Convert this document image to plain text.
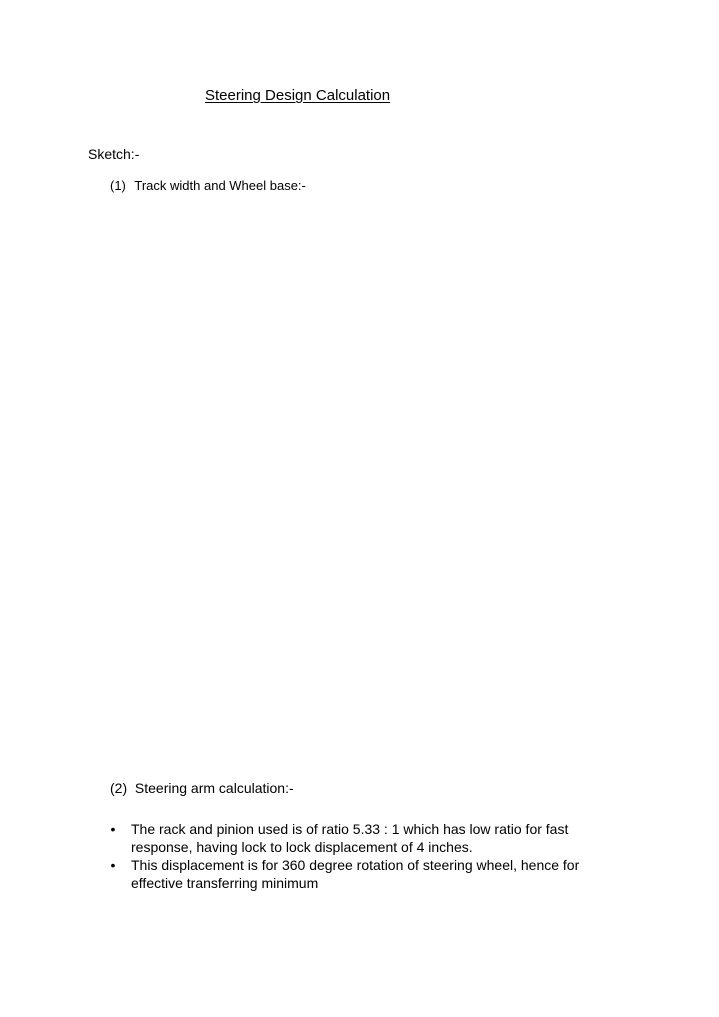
Steering Design Calculation
Sketch:-
(1) Track width and Wheel base:-
(2) Steering arm calculation:-
• The rack and pinion used is of ratio 5.33 : 1 which has low ratio for fast response, having lock to lock displacement of 4 inches.
• This displacement is for 360 degree rotation of steering wheel, hence for effective transferring minimum
